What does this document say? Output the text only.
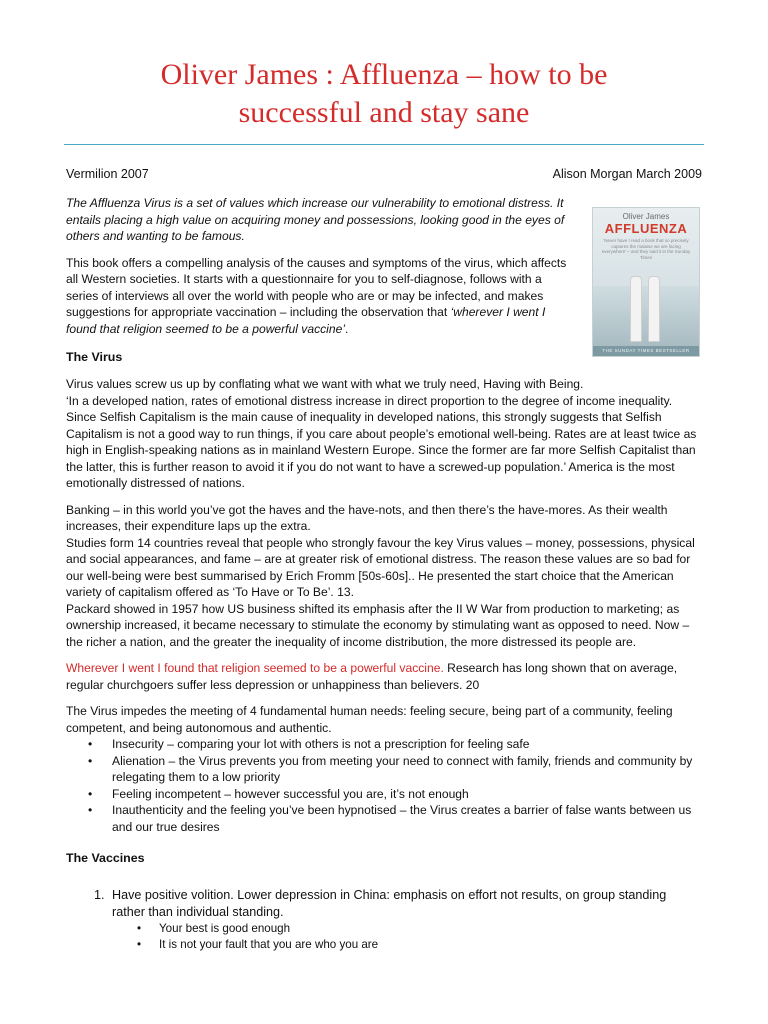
Oliver James : Affluenza – how to be
successful and stay sane
Vermilion 2007	Alison Morgan March 2009
Oliver James
AFFLUENZA
'Never have I read a book that so precisely captures the malaise we are facing everywhere' – and they said it in the Sunday Times
THE SUNDAY TIMES BESTSELLER

The Affluenza Virus is a set of values which increase our vulnerability to emotional distress. It entails placing a high value on acquiring money and possessions, looking good in the eyes of others and wanting to be famous.

This book offers a compelling analysis of the causes and symptoms of the virus, which affects all Western societies. It starts with a questionnaire for you to self-diagnose, follows with a series of interviews all over the world with people who are or may be infected, and makes suggestions for appropriate vaccination – including the observation that ‘wherever I went I found that religion seemed to be a powerful vaccine’.

The Virus

Virus values screw us up by conflating what we want with what we truly need, Having with Being.

‘In a developed nation, rates of emotional distress increase in direct proportion to the degree of income inequality. Since Selfish Capitalism is the main cause of inequality in developed nations, this strongly suggests that Selfish Capitalism is not a good way to run things, if you care about people’s emotional well-being. Rates are at least twice as high in English-speaking nations as in mainland Western Europe. Since the former are far more Selfish Capitalist than the latter, this is further reason to avoid it if you do not want to have a screwed-up population.’ America is the most emotionally distressed of nations.

Banking – in this world you’ve got the haves and the have-nots, and then there’s the have-mores. As their wealth increases, their expenditure laps up the extra.

Studies form 14 countries reveal that people who strongly favour the key Virus values – money, possessions, physical and social appearances, and fame – are at greater risk of emotional distress. The reason these values are so bad for our well-being were best summarised by Erich Fromm [50s-60s].. He presented the start choice that the American variety of capitalism offered as ‘To Have or To Be’. 13.

Packard showed in 1957 how US business shifted its emphasis after the II W War from production to marketing; as ownership increased, it became necessary to stimulate the economy by stimulating want as opposed to need. Now – the richer a nation, and the greater the inequality of income distribution, the more distressed its people are.

Wherever I went I found that religion seemed to be a powerful vaccine. Research has long shown that on average, regular churchgoers suffer less depression or unhappiness than believers. 20

The Virus impedes the meeting of 4 fundamental human needs: feeling secure, being part of a community, feeling competent, and being autonomous and authentic.

• Insecurity – comparing your lot with others is not a prescription for feeling safe
• Alienation – the Virus prevents you from meeting your need to connect with family, friends and community by relegating them to a low priority
• Feeling incompetent – however successful you are, it’s not enough
• Inauthenticity and the feeling you’ve been hypnotised – the Virus creates a barrier of false wants between us and our true desires
The Vaccines
1. Have positive volition. Lower depression in China: emphasis on effort not results, on group standing rather than individual standing.
• Your best is good enough
• It is not your fault that you are who you are
